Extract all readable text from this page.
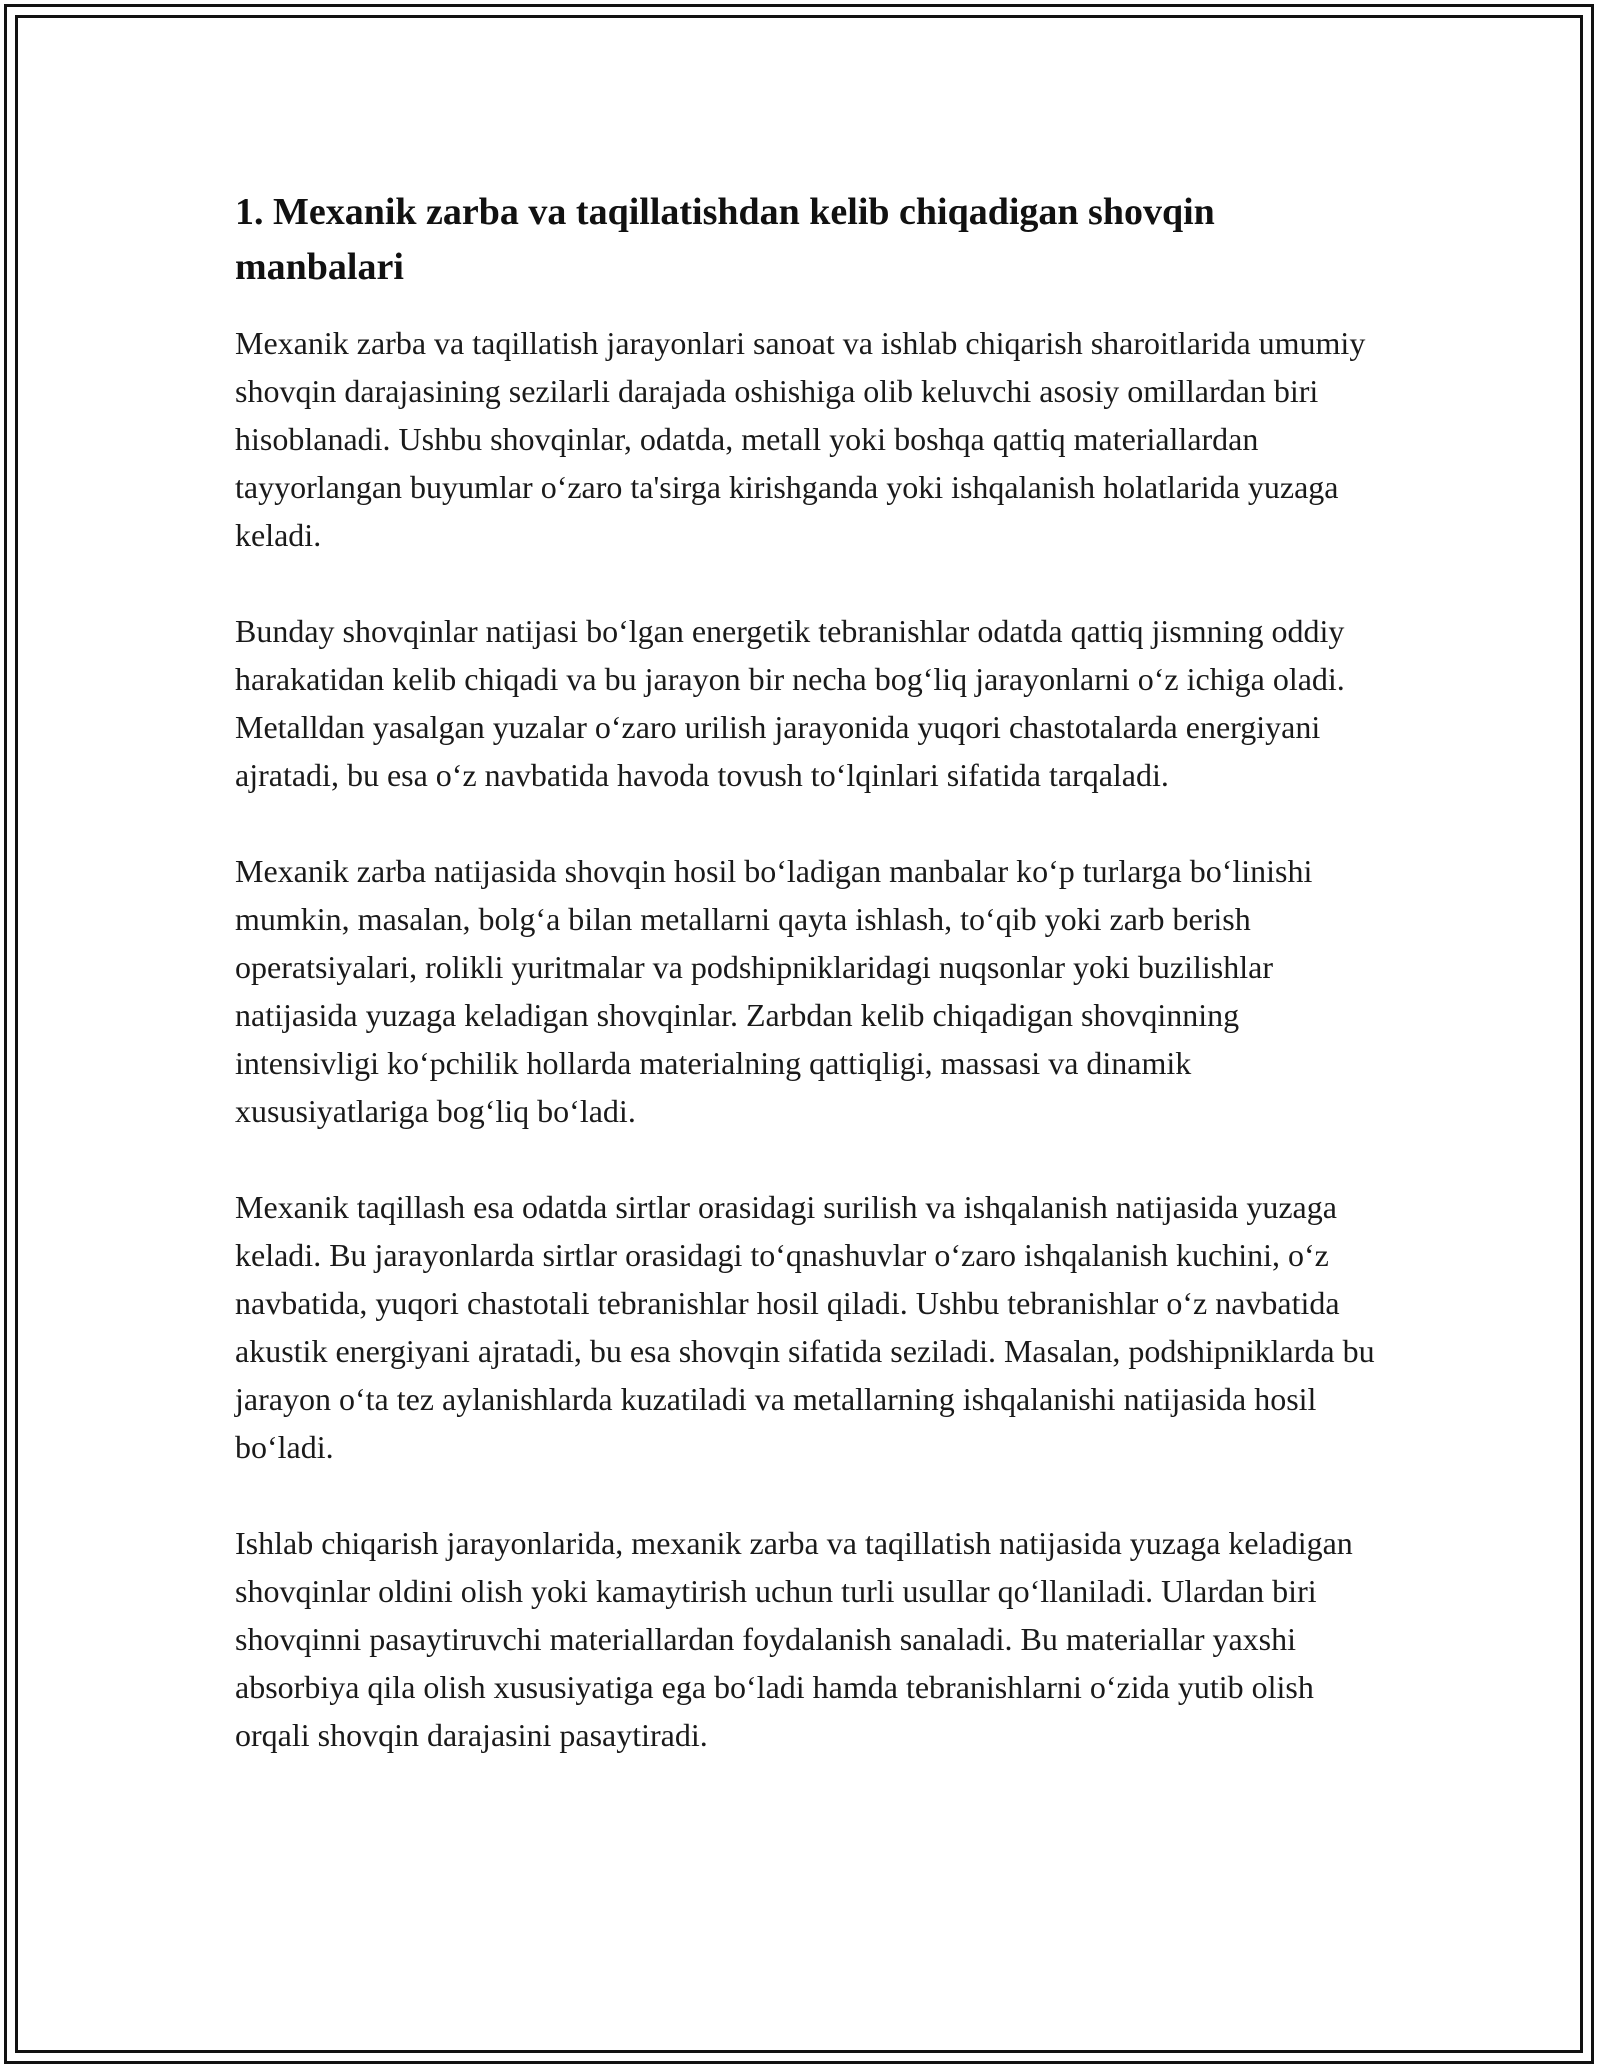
1. Mexanik zarba va taqillatishdan kelib chiqadigan shovqin manbalari

Mexanik zarba va taqillatish jarayonlari sanoat va ishlab chiqarish sharoitlarida umumiy shovqin darajasining sezilarli darajada oshishiga olib keluvchi asosiy omillardan biri hisoblanadi. Ushbu shovqinlar, odatda, metall yoki boshqa qattiq materiallardan tayyorlangan buyumlar o‘zaro ta'sirga kirishganda yoki ishqalanish holatlarida yuzaga keladi.

Bunday shovqinlar natijasi bo‘lgan energetik tebranishlar odatda qattiq jismning oddiy harakatidan kelib chiqadi va bu jarayon bir necha bog‘liq jarayonlarni o‘z ichiga oladi. Metalldan yasalgan yuzalar o‘zaro urilish jarayonida yuqori chastotalarda energiyani ajratadi, bu esa o‘z navbatida havoda tovush to‘lqinlari sifatida tarqaladi.

Mexanik zarba natijasida shovqin hosil bo‘ladigan manbalar ko‘p turlarga bo‘linishi mumkin, masalan, bolg‘a bilan metallarni qayta ishlash, to‘qib yoki zarb berish operatsiyalari, rolikli yuritmalar va podshipniklaridagi nuqsonlar yoki buzilishlar natijasida yuzaga keladigan shovqinlar. Zarbdan kelib chiqadigan shovqinning intensivligi ko‘pchilik hollarda materialning qattiqligi, massasi va dinamik xususiyatlariga bog‘liq bo‘ladi.

Mexanik taqillash esa odatda sirtlar orasidagi surilish va ishqalanish natijasida yuzaga keladi. Bu jarayonlarda sirtlar orasidagi to‘qnashuvlar o‘zaro ishqalanish kuchini, o‘z navbatida, yuqori chastotali tebranishlar hosil qiladi. Ushbu tebranishlar o‘z navbatida akustik energiyani ajratadi, bu esa shovqin sifatida seziladi. Masalan, podshipniklarda bu jarayon o‘ta tez aylanishlarda kuzatiladi va metallarning ishqalanishi natijasida hosil bo‘ladi.

Ishlab chiqarish jarayonlarida, mexanik zarba va taqillatish natijasida yuzaga keladigan shovqinlar oldini olish yoki kamaytirish uchun turli usullar qo‘llaniladi. Ulardan biri shovqinni pasaytiruvchi materiallardan foydalanish sanaladi. Bu materiallar yaxshi absorbiya qila olish xususiyatiga ega bo‘ladi hamda tebranishlarni o‘zida yutib olish orqali shovqin darajasini pasaytiradi.
